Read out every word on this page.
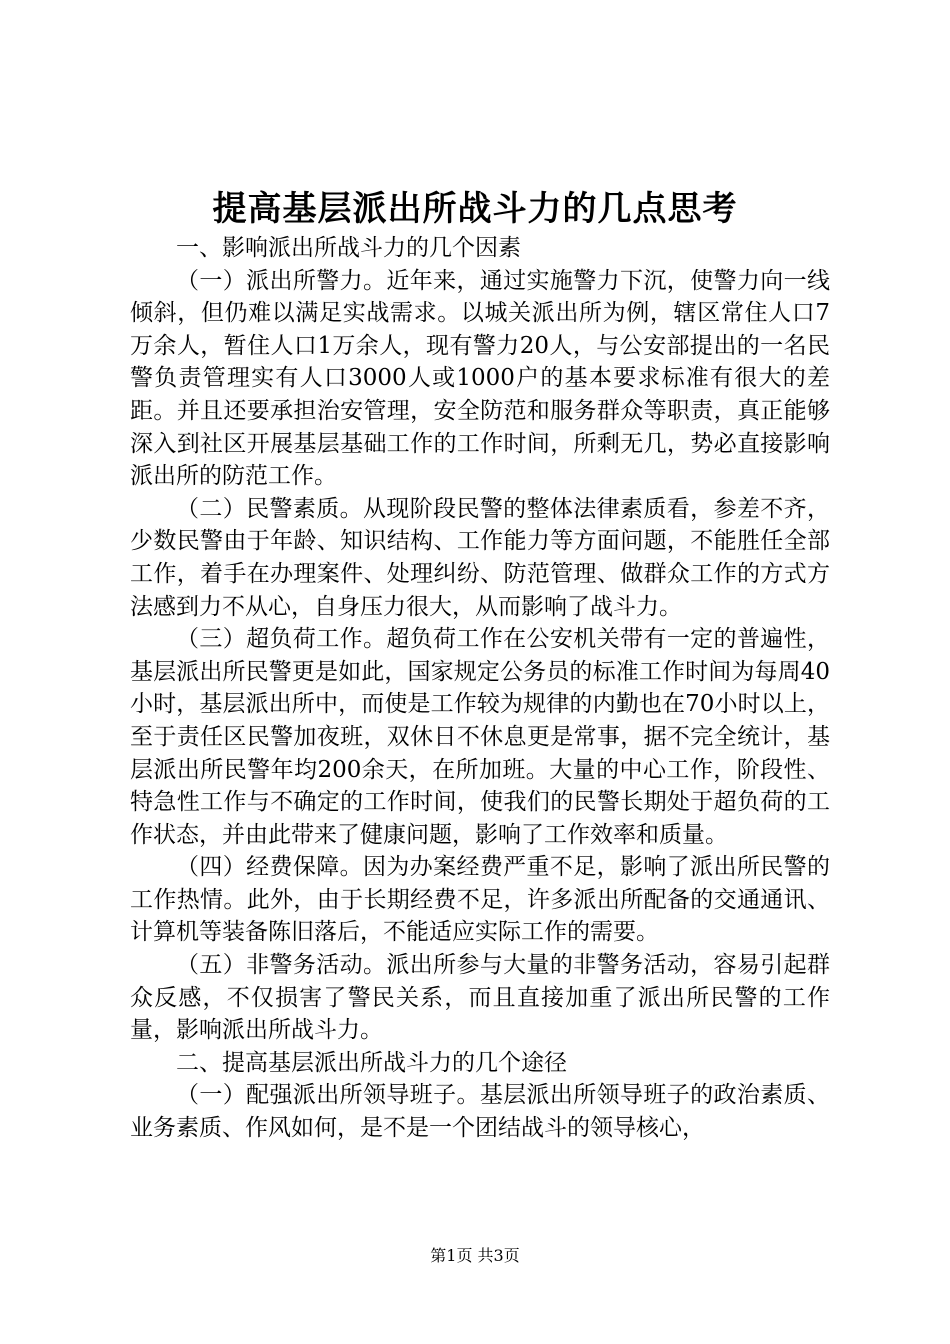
提高基层派出所战斗力的几点思考

一、影响派出所战斗力的几个因素

（一）派出所警力。近年来，通过实施警力下沉，使警力向一线倾斜，但仍难以满足实战需求。以城关派出所为例，辖区常住人口7万余人，暂住人口1万余人，现有警力20人，与公安部提出的一名民警负责管理实有人口3000人或1000户的基本要求标准有很大的差距。并且还要承担治安管理，安全防范和服务群众等职责，真正能够深入到社区开展基层基础工作的工作时间，所剩无几，势必直接影响派出所的防范工作。

（二）民警素质。从现阶段民警的整体法律素质看，参差不齐，少数民警由于年龄、知识结构、工作能力等方面问题，不能胜任全部工作，着手在办理案件、处理纠纷、防范管理、做群众工作的方式方法感到力不从心，自身压力很大，从而影响了战斗力。

（三）超负荷工作。超负荷工作在公安机关带有一定的普遍性，基层派出所民警更是如此，国家规定公务员的标准工作时间为每周40小时，基层派出所中，而使是工作较为规律的内勤也在70小时以上，至于责任区民警加夜班，双休日不休息更是常事，据不完全统计，基层派出所民警年均200余天，在所加班。大量的中心工作，阶段性、特急性工作与不确定的工作时间，使我们的民警长期处于超负荷的工作状态，并由此带来了健康问题，影响了工作效率和质量。

（四）经费保障。因为办案经费严重不足，影响了派出所民警的工作热情。此外，由于长期经费不足，许多派出所配备的交通通讯、计算机等装备陈旧落后，不能适应实际工作的需要。

（五）非警务活动。派出所参与大量的非警务活动，容易引起群众反感，不仅损害了警民关系，而且直接加重了派出所民警的工作量，影响派出所战斗力。

二、提高基层派出所战斗力的几个途径

（一）配强派出所领导班子。基层派出所领导班子的政治素质、业务素质、作风如何，是不是一个团结战斗的领导核心，

第1页 共3页
